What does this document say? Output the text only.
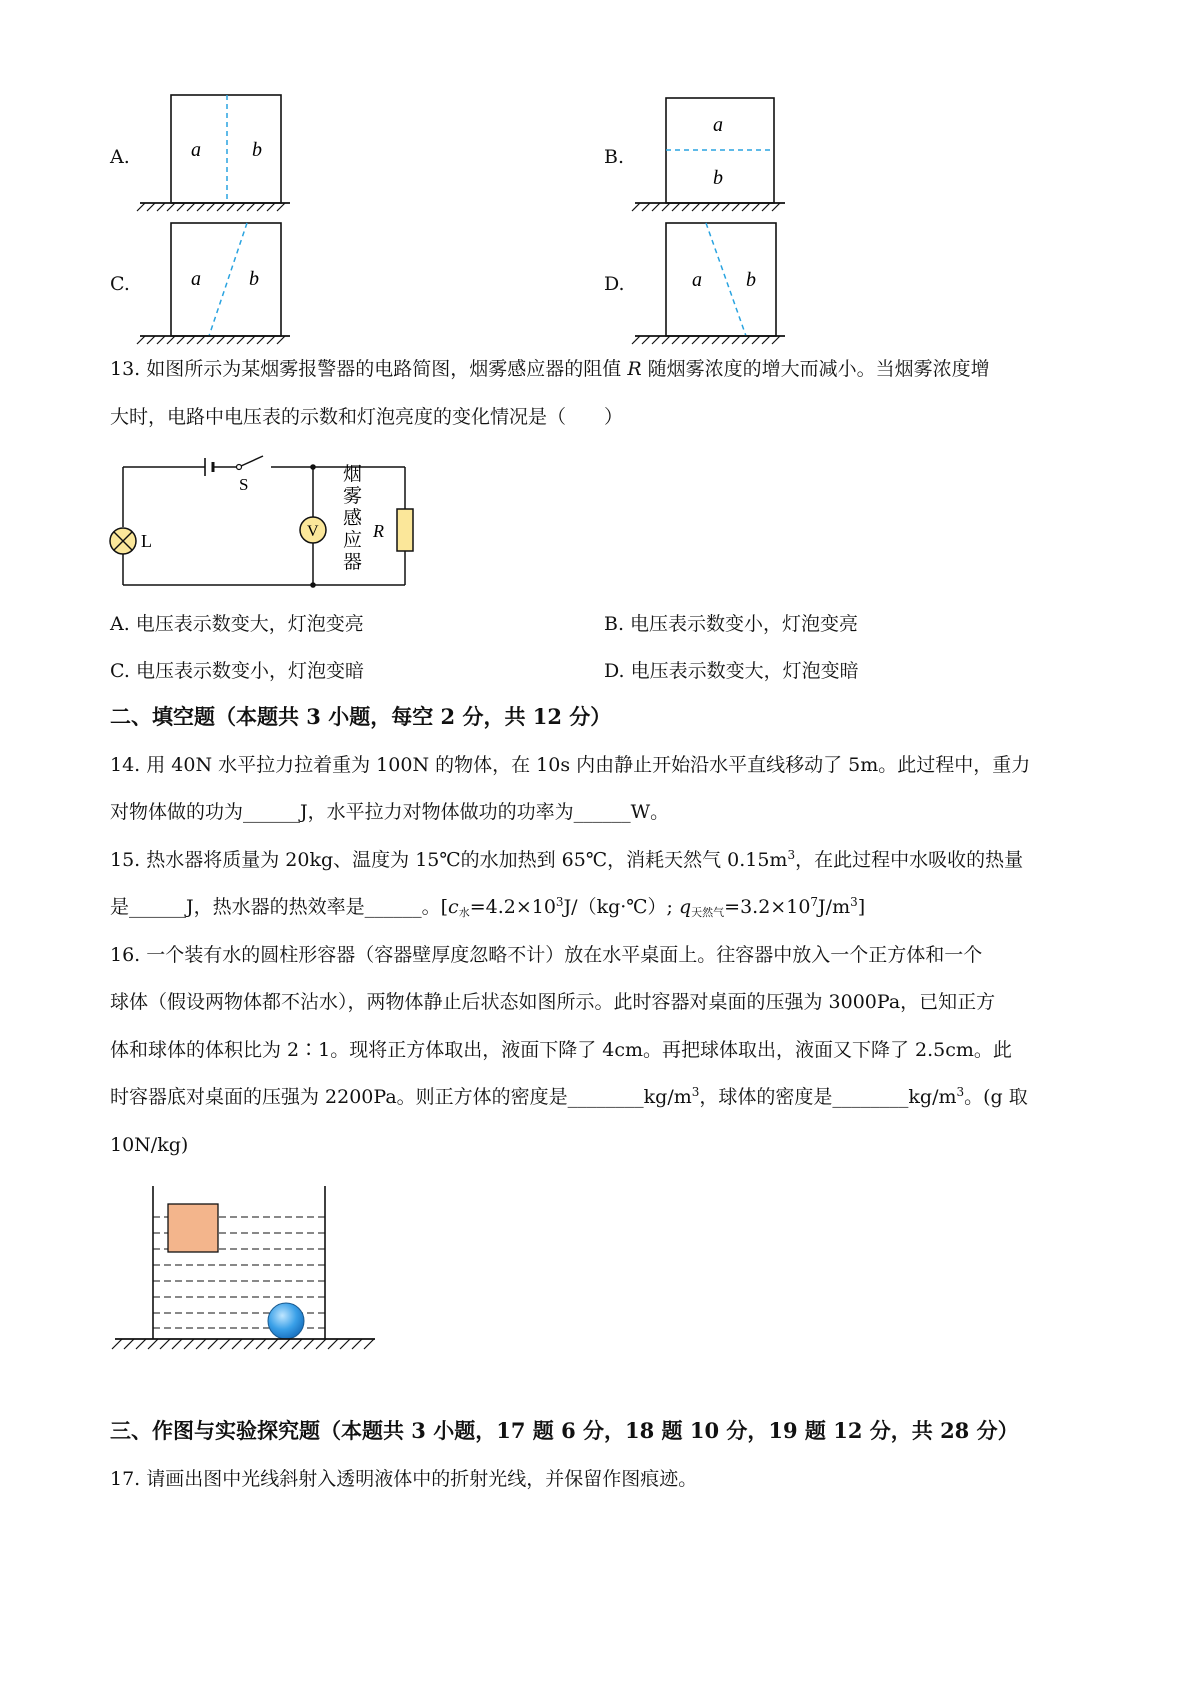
A.	a	b	B.
a
b
C.	a b	D.	a b
13. 如图所示为某烟雾报警器的电路简图，烟雾感应器的阻值 R 随烟雾浓度的增大而减小。当烟雾浓度增
大时，电路中电压表的示数和灯泡亮度的变化情况是（　　）
S
L	V	R
烟
雾
感
应
器
A. 电压表示数变大，灯泡变亮	B. 电压表示数变小，灯泡变亮
C. 电压表示数变小，灯泡变暗	D. 电压表示数变大，灯泡变暗
二、填空题（本题共 3 小题，每空 2 分，共 12 分）
14. 用 40N 水平拉力拉着重为 100N 的物体，在 10s 内由静止开始沿水平直线移动了 5m。此过程中，重力
对物体做的功为______J，水平拉力对物体做功的功率为______W。
15. 热水器将质量为 20kg、温度为 15℃的水加热到 65℃，消耗天然气 $0.15m^3$，在此过程中水吸收的热量
是______J，热水器的热效率是______。[$c_水=4.2\times 10^3J/(kg\cdot℃)$; $q_{天然气}=3.2\times 10^7J/m^3$]
16. 一个装有水的圆柱形容器（容器壁厚度忽略不计）放在水平桌面上。往容器中放入一个正方体和一个
球体（假设两物体都不沾水），两物体静止后状态如图所示。此时容器对桌面的压强为 3000Pa，已知正方
体和球体的体积比为 2∶1。现将正方体取出，液面下降了 4cm。再把球体取出，液面又下降了 2.5cm。此
时容器底对桌面的压强为 2200Pa。则正方体的密度是$\_\_\_\_\_\_\_\_kg/m^3$，球体的密度是$\_\_\_\_\_\_\_\_kg/m^3$。(g 取
10N/kg)
三、作图与实验探究题（本题共 3 小题，17 题 6 分，18 题 10 分，19 题 12 分，共 28 分）
17. 请画出图中光线斜射入透明液体中的折射光线，并保留作图痕迹。
